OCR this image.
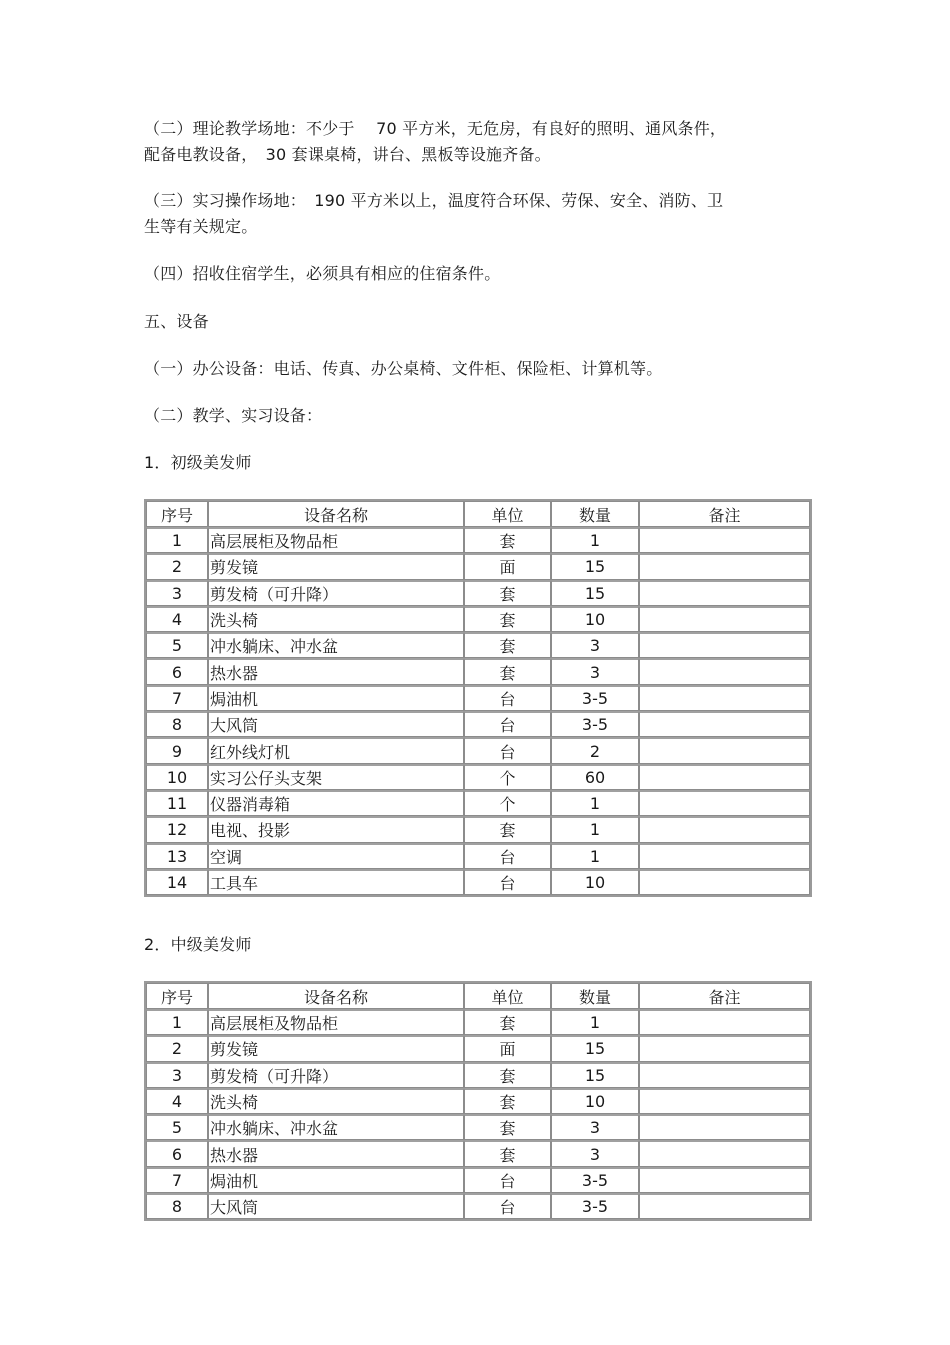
（二）理论教学场地：不少于　 70 平方米，无危房，有良好的照明、通风条件，
配备电教设备，　30 套课桌椅，讲台、黑板等设施齐备。
（三）实习操作场地：　190 平方米以上，温度符合环保、劳保、安全、消防、卫
生等有关规定。
（四）招收住宿学生，必须具有相应的住宿条件。
五、设备
（一）办公设备：电话、传真、办公桌椅、文件柜、保险柜、计算机等。
（二）教学、实习设备：
1．初级美发师
序号	设备名称	单位	数量	备注
1	高层展柜及物品柜	套	1	
2	剪发镜	面	15	
3	剪发椅（可升降）	套	15	
4	洗头椅	套	10	
5	冲水躺床、冲水盆	套	3	
6	热水器	套	3	
7	焗油机	台	3-5	
8	大风筒	台	3-5	
9	红外线灯机	台	2	
10	实习公仔头支架	个	60	
11	仪器消毒箱	个	1	
12	电视、投影	套	1	
13	空调	台	1	
14	工具车	台	10	
2．中级美发师
序号	设备名称	单位	数量	备注
1	高层展柜及物品柜	套	1	
2	剪发镜	面	15	
3	剪发椅（可升降）	套	15	
4	洗头椅	套	10	
5	冲水躺床、冲水盆	套	3	
6	热水器	套	3	
7	焗油机	台	3-5	
8	大风筒	台	3-5	
